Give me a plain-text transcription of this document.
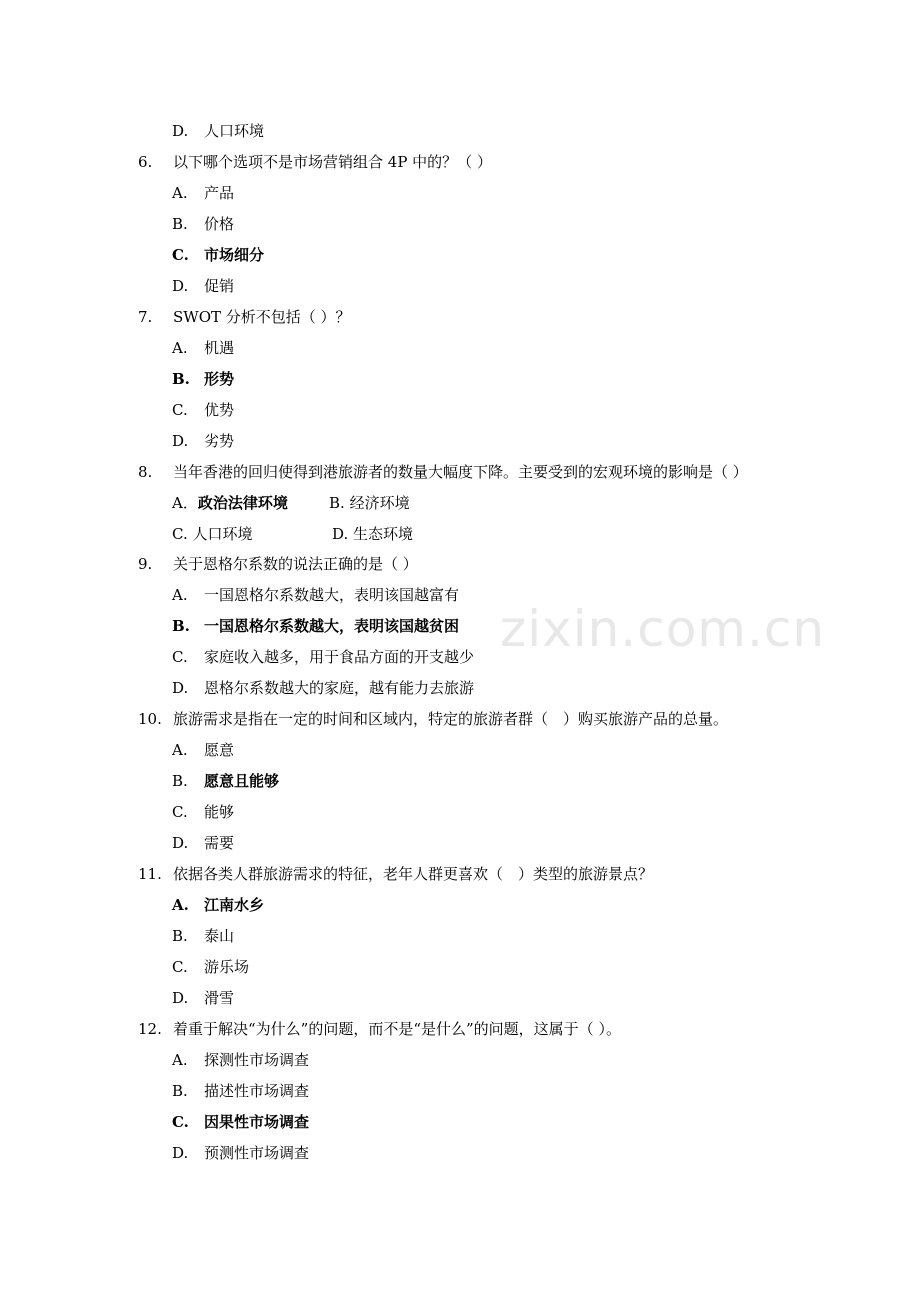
zixin.com.cn
D. 人口环境
6. 以下哪个选项不是市场营销组合 4P 中的？（ ）
A. 产品
B. 价格
C. 市场细分
D. 促销
7. SWOT 分析不包括（ ）？
A. 机遇
B. 形势
C. 优势
D. 劣势
8. 当年香港的回归使得到港旅游者的数量大幅度下降。主要受到的宏观环境的影响是（ ）
A．政治法律环境	B. 经济环境
C. 人口环境	D. 生态环境
9. 关于恩格尔系数的说法正确的是（ ）
A. 一国恩格尔系数越大，表明该国越富有
B. 一国恩格尔系数越大，表明该国越贫困
C. 家庭收入越多，用于食品方面的开支越少
D. 恩格尔系数越大的家庭，越有能力去旅游
10. 旅游需求是指在一定的时间和区域内，特定的旅游者群（　）购买旅游产品的总量。
A. 愿意
B. 愿意且能够
C. 能够
D. 需要
11. 依据各类人群旅游需求的特征，老年人群更喜欢（　）类型的旅游景点？
A. 江南水乡
B. 泰山
C. 游乐场
D. 滑雪
12. 着重于解决“为什么”的问题，而不是“是什么”的问题，这属于（ ）。
A. 探测性市场调查
B. 描述性市场调查
C. 因果性市场调查
D. 预测性市场调查
